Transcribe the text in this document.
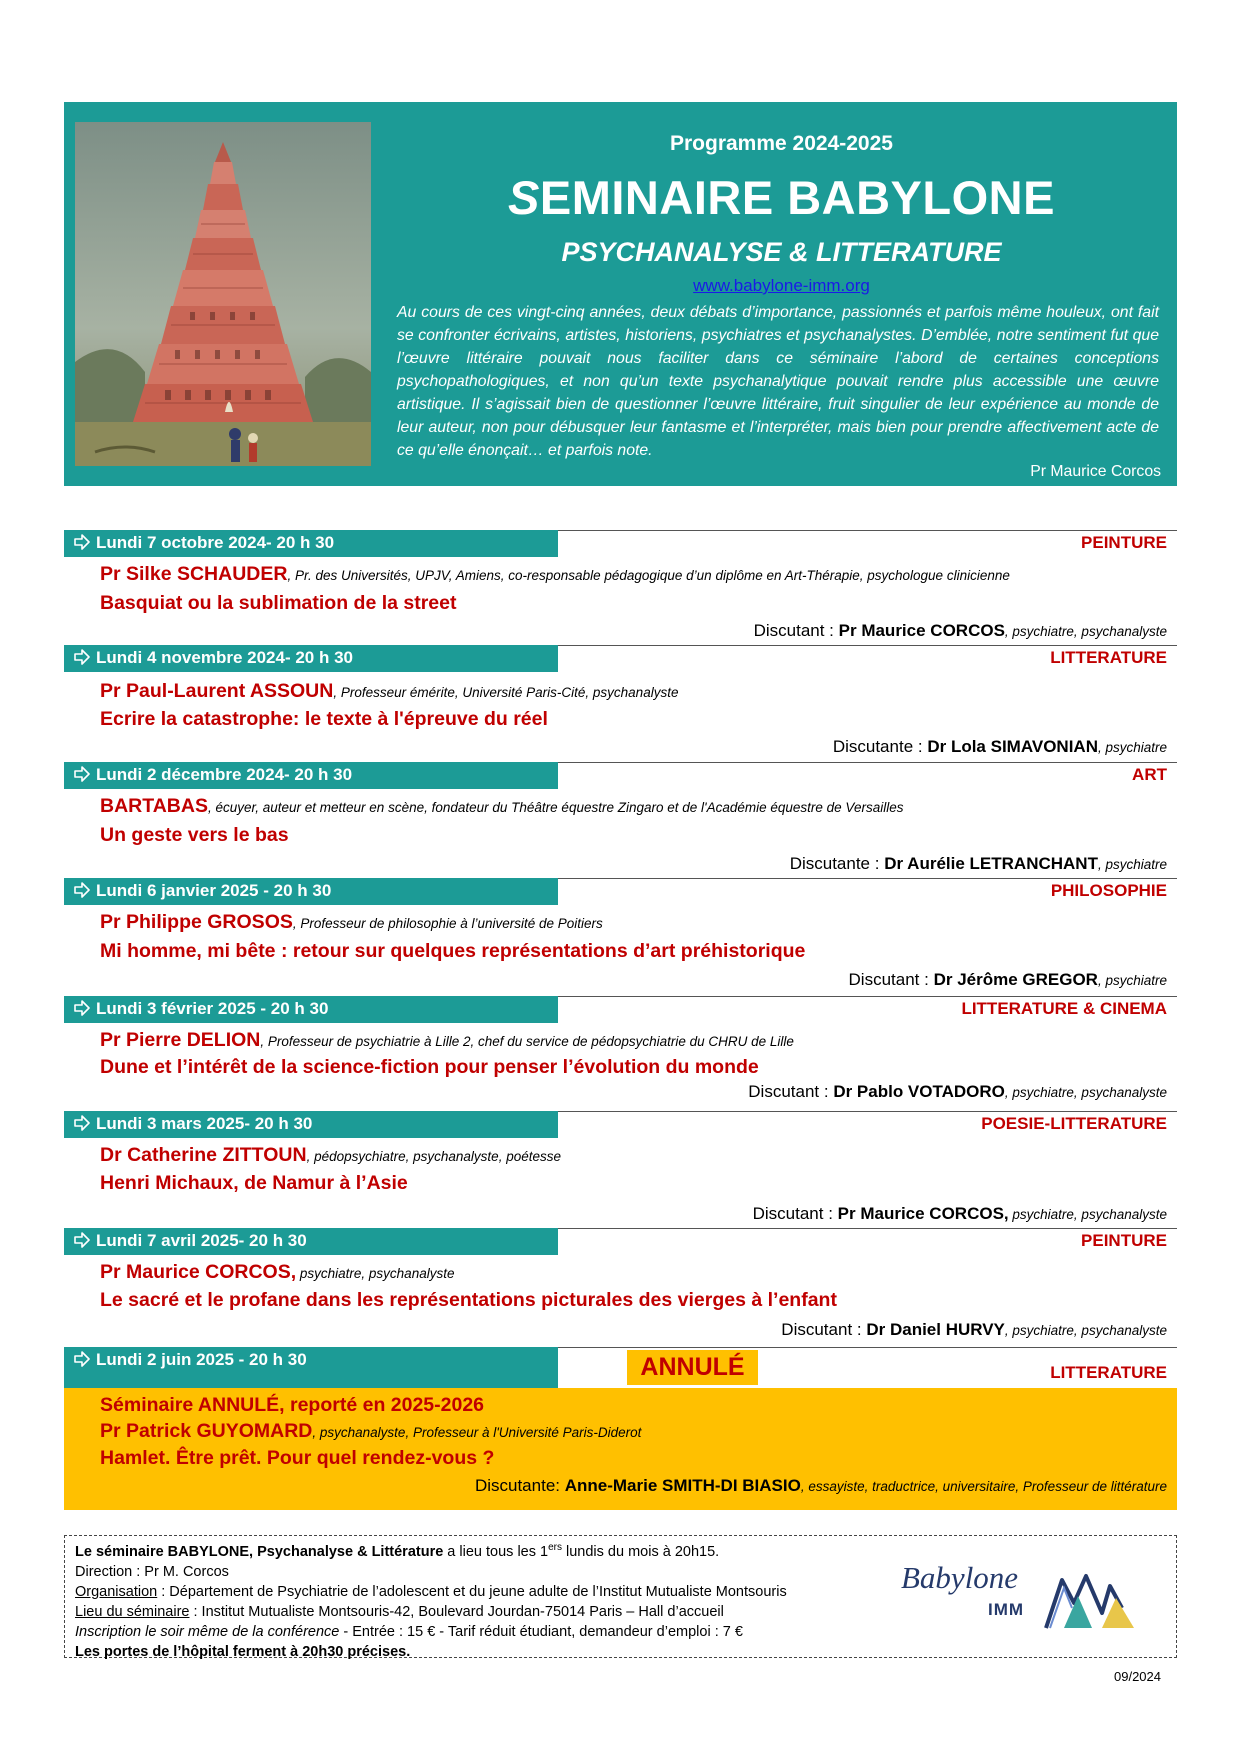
Programme 2024-2025
SEMINAIRE BABYLONE
PSYCHANALYSE & LITTERATURE
www.babylone-imm.org

Au cours de ces vingt-cinq années, deux débats d’importance, passionnés et parfois même houleux, ont fait se confronter écrivains, artistes, historiens, psychiatres et psychanalystes. D’emblée, notre sentiment fut que l’œuvre littéraire pouvait nous faciliter dans ce séminaire l’abord de certaines conceptions psychopathologiques, et non qu’un texte psychanalytique pouvait rendre plus accessible une œuvre artistique. Il s’agissait bien de questionner l’œuvre littéraire, fruit singulier de leur expérience au monde de leur auteur, non pour débusquer leur fantasme et l’interpréter, mais bien pour prendre affectivement acte de ce qu’elle énonçait… et parfois note.

Pr Maurice Corcos
Lundi 7 octobre 2024- 20 h 30	PEINTURE
Pr Silke SCHAUDER, Pr. des Universités, UPJV, Amiens, co-responsable pédagogique d’un diplôme en Art-Thérapie, psychologue clinicienne
Basquiat ou la sublimation de la street
Discutant : Pr Maurice CORCOS, psychiatre, psychanalyste
Lundi 4 novembre 2024- 20 h 30	LITTERATURE
Pr Paul-Laurent ASSOUN, Professeur émérite, Université Paris-Cité, psychanalyste
Ecrire la catastrophe: le texte à l'épreuve du réel
Discutante : Dr Lola SIMAVONIAN, psychiatre
Lundi 2 décembre 2024- 20 h 30	ART
BARTABAS, écuyer, auteur et metteur en scène, fondateur du Théâtre équestre Zingaro et de l'Académie équestre de Versailles
Un geste vers le bas
Discutante : Dr Aurélie LETRANCHANT, psychiatre
Lundi 6 janvier 2025 - 20 h 30	PHILOSOPHIE
Pr Philippe GROSOS, Professeur de philosophie à l’université de Poitiers
Mi homme, mi bête : retour sur quelques représentations d’art préhistorique
Discutant : Dr Jérôme GREGOR, psychiatre
Lundi 3 février 2025 - 20 h 30	LITTERATURE & CINEMA
Pr Pierre DELION, Professeur de psychiatrie à Lille 2, chef du service de pédopsychiatrie du CHRU de Lille
Dune et l’intérêt de la science-fiction pour penser l’évolution du monde
Discutant : Dr Pablo VOTADORO, psychiatre, psychanalyste
Lundi 3 mars 2025- 20 h 30	POESIE-LITTERATURE
Dr Catherine ZITTOUN, pédopsychiatre, psychanalyste, poétesse
Henri Michaux, de Namur à l’Asie
Discutant : Pr Maurice CORCOS, psychiatre, psychanalyste
Lundi 7 avril 2025- 20 h 30	PEINTURE
Pr Maurice CORCOS, psychiatre, psychanalyste
Le sacré et le profane dans les représentations picturales des vierges à l’enfant
Discutant : Dr Daniel HURVY, psychiatre, psychanalyste
Lundi 2 juin 2025 - 20 h 30	ANNULÉ	LITTERATURE
Séminaire ANNULÉ, reporté en 2025-2026
Pr Patrick GUYOMARD, psychanalyste, Professeur à l'Université Paris-Diderot
Hamlet. Être prêt. Pour quel rendez-vous ?
Discutante: Anne-Marie SMITH-DI BIASIO, essayiste, traductrice, universitaire, Professeur de littérature
Le séminaire BABYLONE, Psychanalyse & Littérature a lieu tous les 1ers lundis du mois à 20h15.
Direction : Pr M. Corcos
Organisation : Département de Psychiatrie de l’adolescent et du jeune adulte de l’Institut Mutualiste Montsouris
Lieu du séminaire : Institut Mutualiste Montsouris-42, Boulevard Jourdan-75014 Paris – Hall d’accueil
Inscription le soir même de la conférence - Entrée : 15 € - Tarif réduit étudiant, demandeur d’emploi : 7 €
Les portes de l’hôpital ferment à 20h30 précises.
Babylone
IMM
09/2024
